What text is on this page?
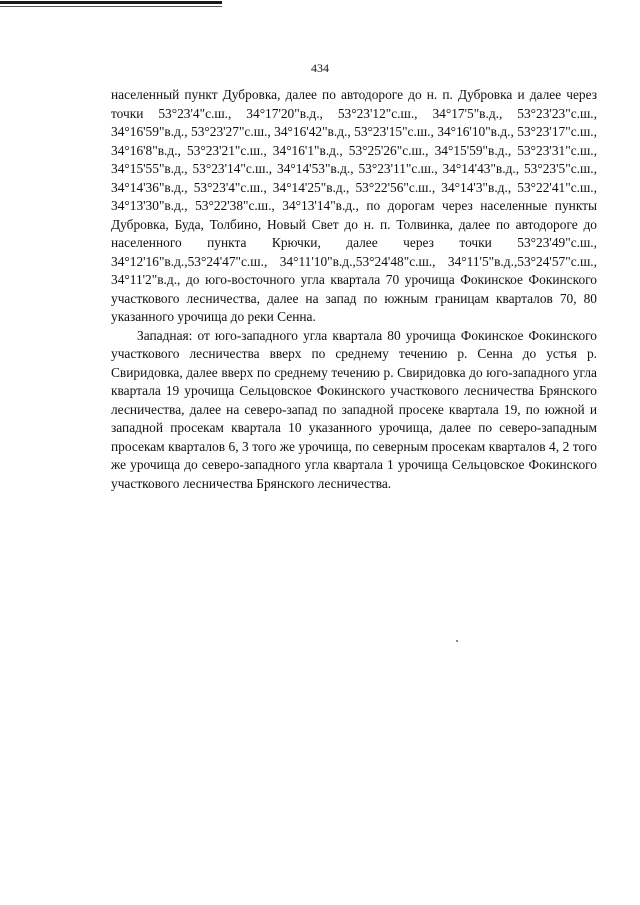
434

населенный пункт Дубровка, далее по автодороге до н. п. Дубровка и далее через точки 53°23'4"с.ш., 34°17'20"в.д., 53°23'12"с.ш., 34°17'5"в.д., 53°23'23"с.ш., 34°16'59"в.д., 53°23'27"с.ш., 34°16'42"в.д., 53°23'15"с.ш., 34°16'10"в.д., 53°23'17"с.ш., 34°16'8"в.д., 53°23'21"с.ш., 34°16'1"в.д., 53°25'26"с.ш., 34°15'59"в.д., 53°23'31"с.ш., 34°15'55"в.д., 53°23'14"с.ш., 34°14'53"в.д., 53°23'11"с.ш., 34°14'43"в.д., 53°23'5"с.ш., 34°14'36"в.д., 53°23'4"с.ш., 34°14'25"в.д., 53°22'56"с.ш., 34°14'3"в.д., 53°22'41"с.ш., 34°13'30"в.д., 53°22'38"с.ш., 34°13'14"в.д., по дорогам через населенные пункты Дубровка, Буда, Толбино, Новый Свет до н. п. Толвинка, далее по автодороге до населенного пункта Крючки, далее через точки 53°23'49"с.ш., 34°12'16"в.д.,53°24'47"с.ш., 34°11'10"в.д.,53°24'48"с.ш., 34°11'5"в.д.,53°24'57"с.ш., 34°11'2"в.д., до юго-восточного угла квартала 70 урочища Фокинское Фокинского участкового лесничества, далее на запад по южным границам кварталов 70, 80 указанного урочища до реки Сенна.

Западная: от юго-западного угла квартала 80 урочища Фокинское Фокинского участкового лесничества вверх по среднему течению р. Сенна до устья р. Свиридовка, далее вверх по среднему течению р. Свиридовка до юго-западного угла квартала 19 урочища Сельцовское Фокинского участкового лесничества Брянского лесничества, далее на северо-запад по западной просеке квартала 19, по южной и западной просекам квартала 10 указанного урочища, далее по северо-западным просекам кварталов 6, 3 того же урочища, по северным просекам кварталов 4, 2 того же урочища до северо-западного угла квартала 1 урочища Сельцовское Фокинского участкового лесничества Брянского лесничества.
